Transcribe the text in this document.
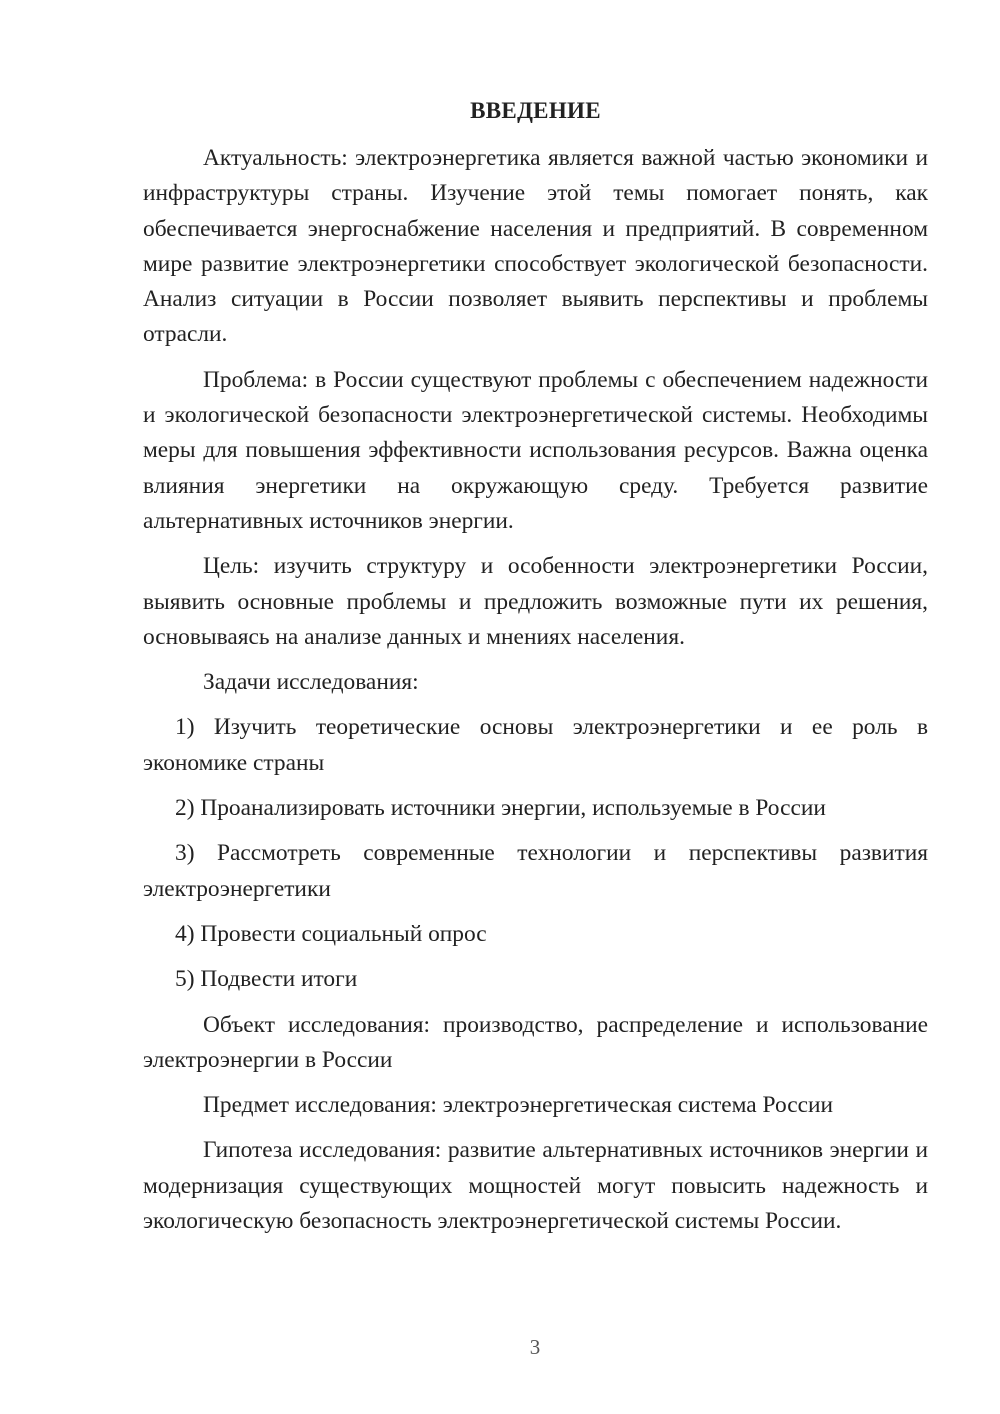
ВВЕДЕНИЕ

Актуальность: электроэнергетика является важной частью экономики и инфраструктуры страны. Изучение этой темы помогает понять, как обеспечивается энергоснабжение населения и предприятий. В современном мире развитие электроэнергетики способствует экологической безопасности. Анализ ситуации в России позволяет выявить перспективы и проблемы отрасли.

Проблема: в России существуют проблемы с обеспечением надежности и экологической безопасности электроэнергетической системы. Необходимы меры для повышения эффективности использования ресурсов. Важна оценка влияния энергетики на окружающую среду. Требуется развитие альтернативных источников энергии.

Цель: изучить структуру и особенности электроэнергетики России, выявить основные проблемы и предложить возможные пути их решения, основываясь на анализе данных и мнениях населения.

Задачи исследования:

1) Изучить теоретические основы электроэнергетики и ее роль в экономике страны

2) Проанализировать источники энергии, используемые в России

3) Рассмотреть современные технологии и перспективы развития электроэнергетики

4) Провести социальный опрос

5) Подвести итоги

Объект исследования: производство, распределение и использование электроэнергии в России

Предмет исследования: электроэнергетическая система России

Гипотеза исследования: развитие альтернативных источников энергии и модернизация существующих мощностей могут повысить надежность и экологическую безопасность электроэнергетической системы России.

3
